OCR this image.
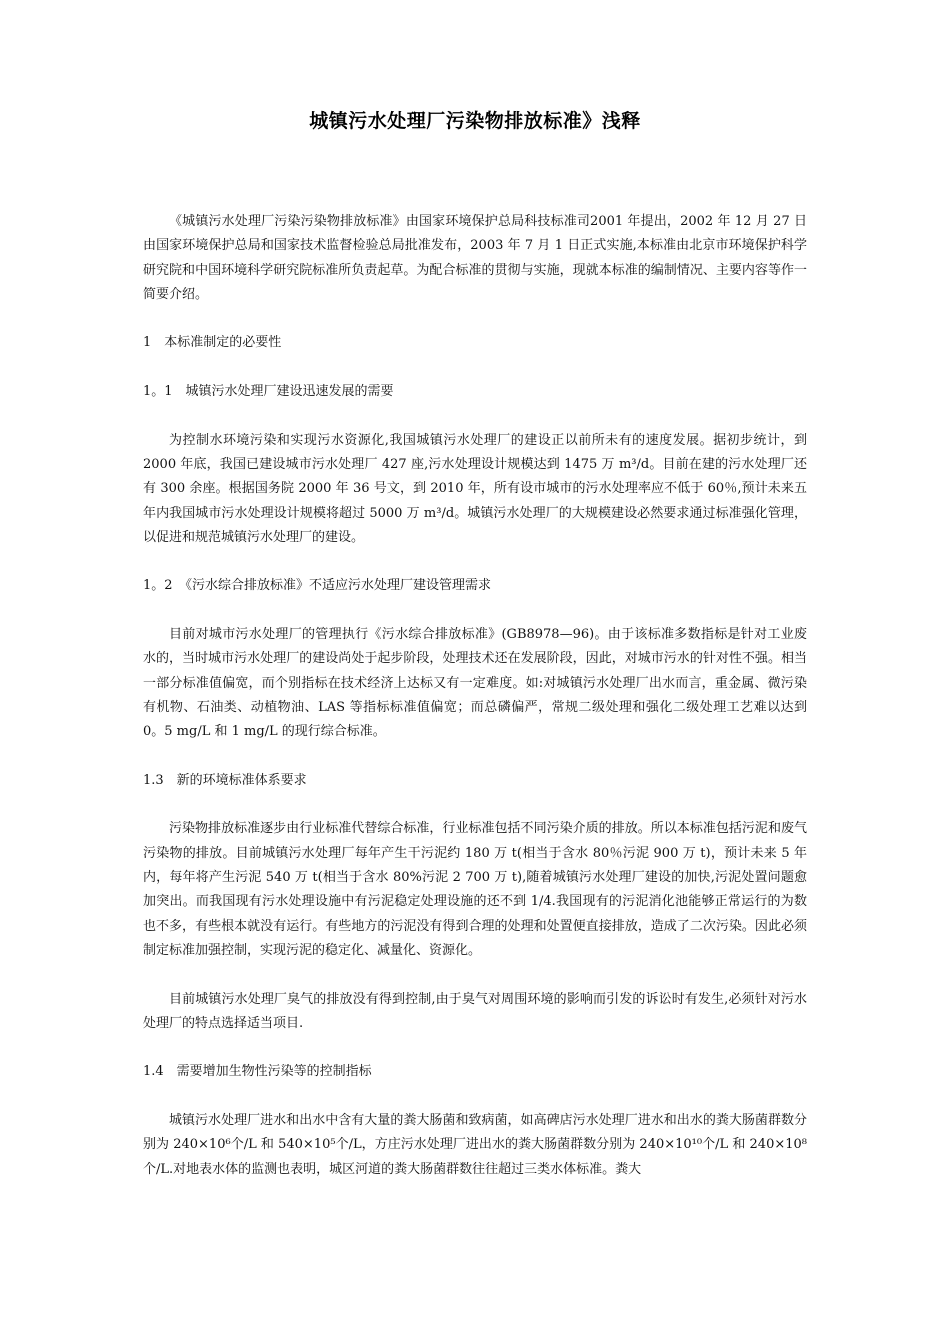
城镇污水处理厂污染物排放标准》浅释

《城镇污水处理厂污染污染物排放标准》由国家环境保护总局科技标准司2001 年提出，2002 年 12 月 27 日由国家环境保护总局和国家技术监督检验总局批准发布，2003 年 7 月 1 日正式实施,本标准由北京市环境保护科学研究院和中国环境科学研究院标准所负责起草。为配合标准的贯彻与实施，现就本标准的编制情况、主要内容等作一简要介绍。

1　本标准制定的必要性

1。1　城镇污水处理厂建设迅速发展的需要

为控制水环境污染和实现污水资源化,我国城镇污水处理厂的建设正以前所未有的速度发展。据初步统计，到 2000 年底，我国已建设城市污水处理厂 427 座,污水处理设计规模达到 1475 万 m³/d。目前在建的污水处理厂还有 300 余座。根据国务院 2000 年 36 号文，到 2010 年，所有设市城市的污水处理率应不低于 60％,预计未来五年内我国城市污水处理设计规模将超过 5000 万 m³/d。城镇污水处理厂的大规模建设必然要求通过标准强化管理，以促进和规范城镇污水处理厂的建设。

1。2　《污水综合排放标准》不适应污水处理厂建设管理需求

目前对城市污水处理厂的管理执行《污水综合排放标准》(GB8978—96)。由于该标准多数指标是针对工业废水的，当时城市污水处理厂的建设尚处于起步阶段，处理技术还在发展阶段，因此，对城市污水的针对性不强。相当一部分标准值偏宽，而个别指标在技术经济上达标又有一定难度。如:对城镇污水处理厂出水而言，重金属、微污染有机物、石油类、动植物油、LAS 等指标标准值偏宽；而总磷偏严，常规二级处理和强化二级处理工艺难以达到 0。5 mg/L 和 1 mg/L 的现行综合标准。

1.3　新的环境标准体系要求

污染物排放标准逐步由行业标准代替综合标准，行业标准包括不同污染介质的排放。所以本标准包括污泥和废气污染物的排放。目前城镇污水处理厂每年产生干污泥约 180 万 t(相当于含水 80％污泥 900 万 t)，预计未来 5 年内，每年将产生污泥 540 万 t(相当于含水 80%污泥 2 700 万 t),随着城镇污水处理厂建设的加快,污泥处置问题愈加突出。而我国现有污水处理设施中有污泥稳定处理设施的还不到 1/4.我国现有的污泥消化池能够正常运行的为数也不多，有些根本就没有运行。有些地方的污泥没有得到合理的处理和处置便直接排放，造成了二次污染。因此必须制定标准加强控制，实现污泥的稳定化、减量化、资源化。

目前城镇污水处理厂臭气的排放没有得到控制,由于臭气对周围环境的影响而引发的诉讼时有发生,必须针对污水处理厂的特点选择适当项目.

1.4　需要增加生物性污染等的控制指标

城镇污水处理厂进水和出水中含有大量的粪大肠菌和致病菌，如高碑店污水处理厂进水和出水的粪大肠菌群数分别为 240×10⁶个/L 和 540×10⁵个/L，方庄污水处理厂进出水的粪大肠菌群数分别为 240×10¹⁰个/L 和 240×10⁸个/L.对地表水体的监测也表明，城区河道的粪大肠菌群数往往超过三类水体标准。粪大
